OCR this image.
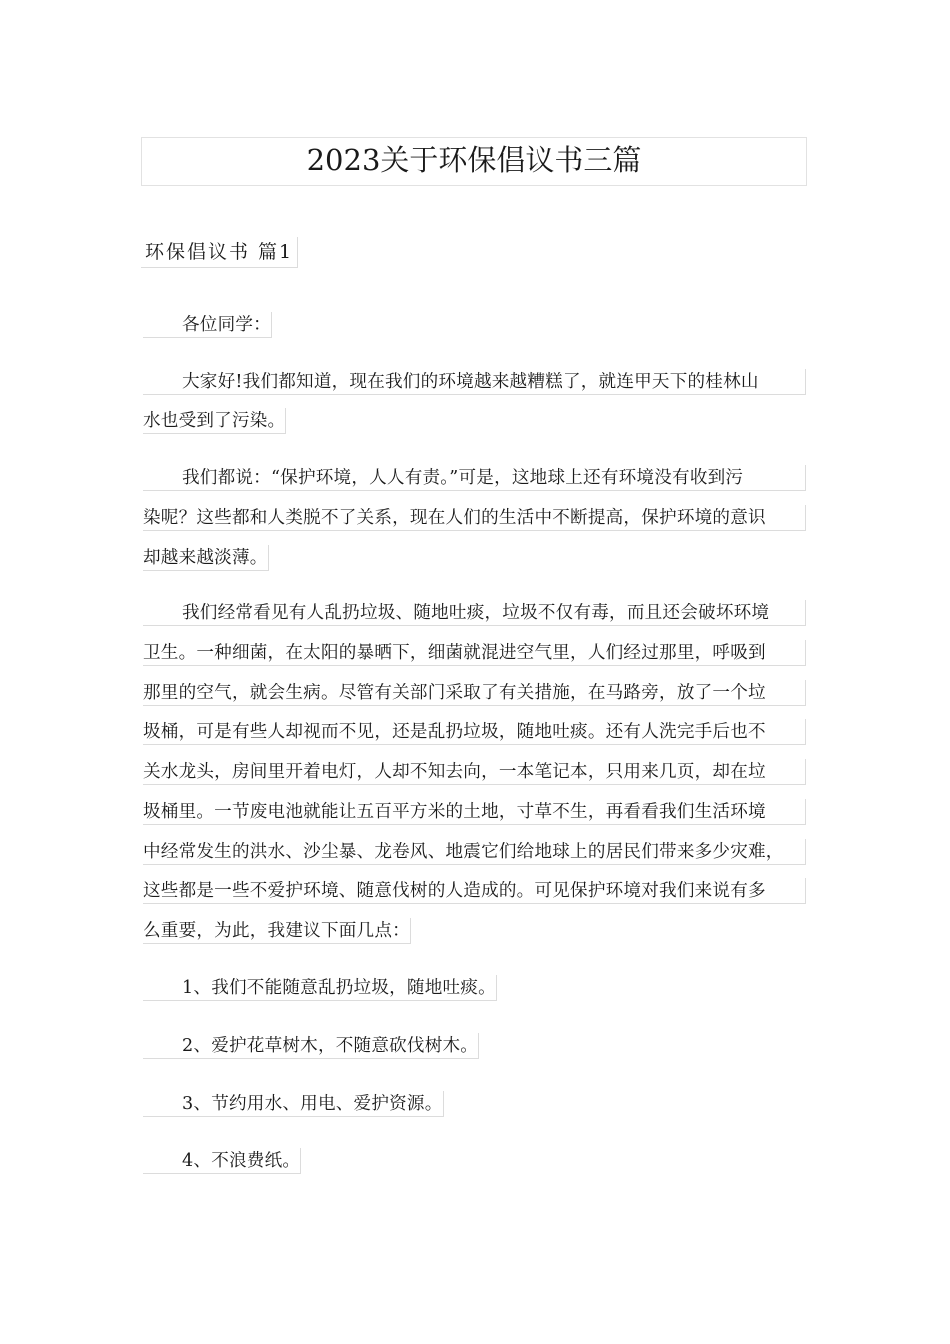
2023关于环保倡议书三篇
环保倡议书 篇1
各位同学：
大家好!我们都知道，现在我们的环境越来越糟糕了，就连甲天下的桂林山
水也受到了污染。
我们都说：“保护环境，人人有责。”可是，这地球上还有环境没有收到污
染呢？这些都和人类脱不了关系，现在人们的生活中不断提高，保护环境的意识
却越来越淡薄。
我们经常看见有人乱扔垃圾、随地吐痰，垃圾不仅有毒，而且还会破坏环境
卫生。一种细菌，在太阳的暴晒下，细菌就混进空气里，人们经过那里，呼吸到
那里的空气，就会生病。尽管有关部门采取了有关措施，在马路旁，放了一个垃
圾桶，可是有些人却视而不见，还是乱扔垃圾，随地吐痰。还有人洗完手后也不
关水龙头，房间里开着电灯，人却不知去向，一本笔记本，只用来几页，却在垃
圾桶里。一节废电池就能让五百平方米的土地，寸草不生，再看看我们生活环境
中经常发生的洪水、沙尘暴、龙卷风、地震它们给地球上的居民们带来多少灾难，
这些都是一些不爱护环境、随意伐树的人造成的。可见保护环境对我们来说有多
么重要，为此，我建议下面几点：
1、我们不能随意乱扔垃圾，随地吐痰。
2、爱护花草树木，不随意砍伐树木。
3、节约用水、用电、爱护资源。
4、不浪费纸。
